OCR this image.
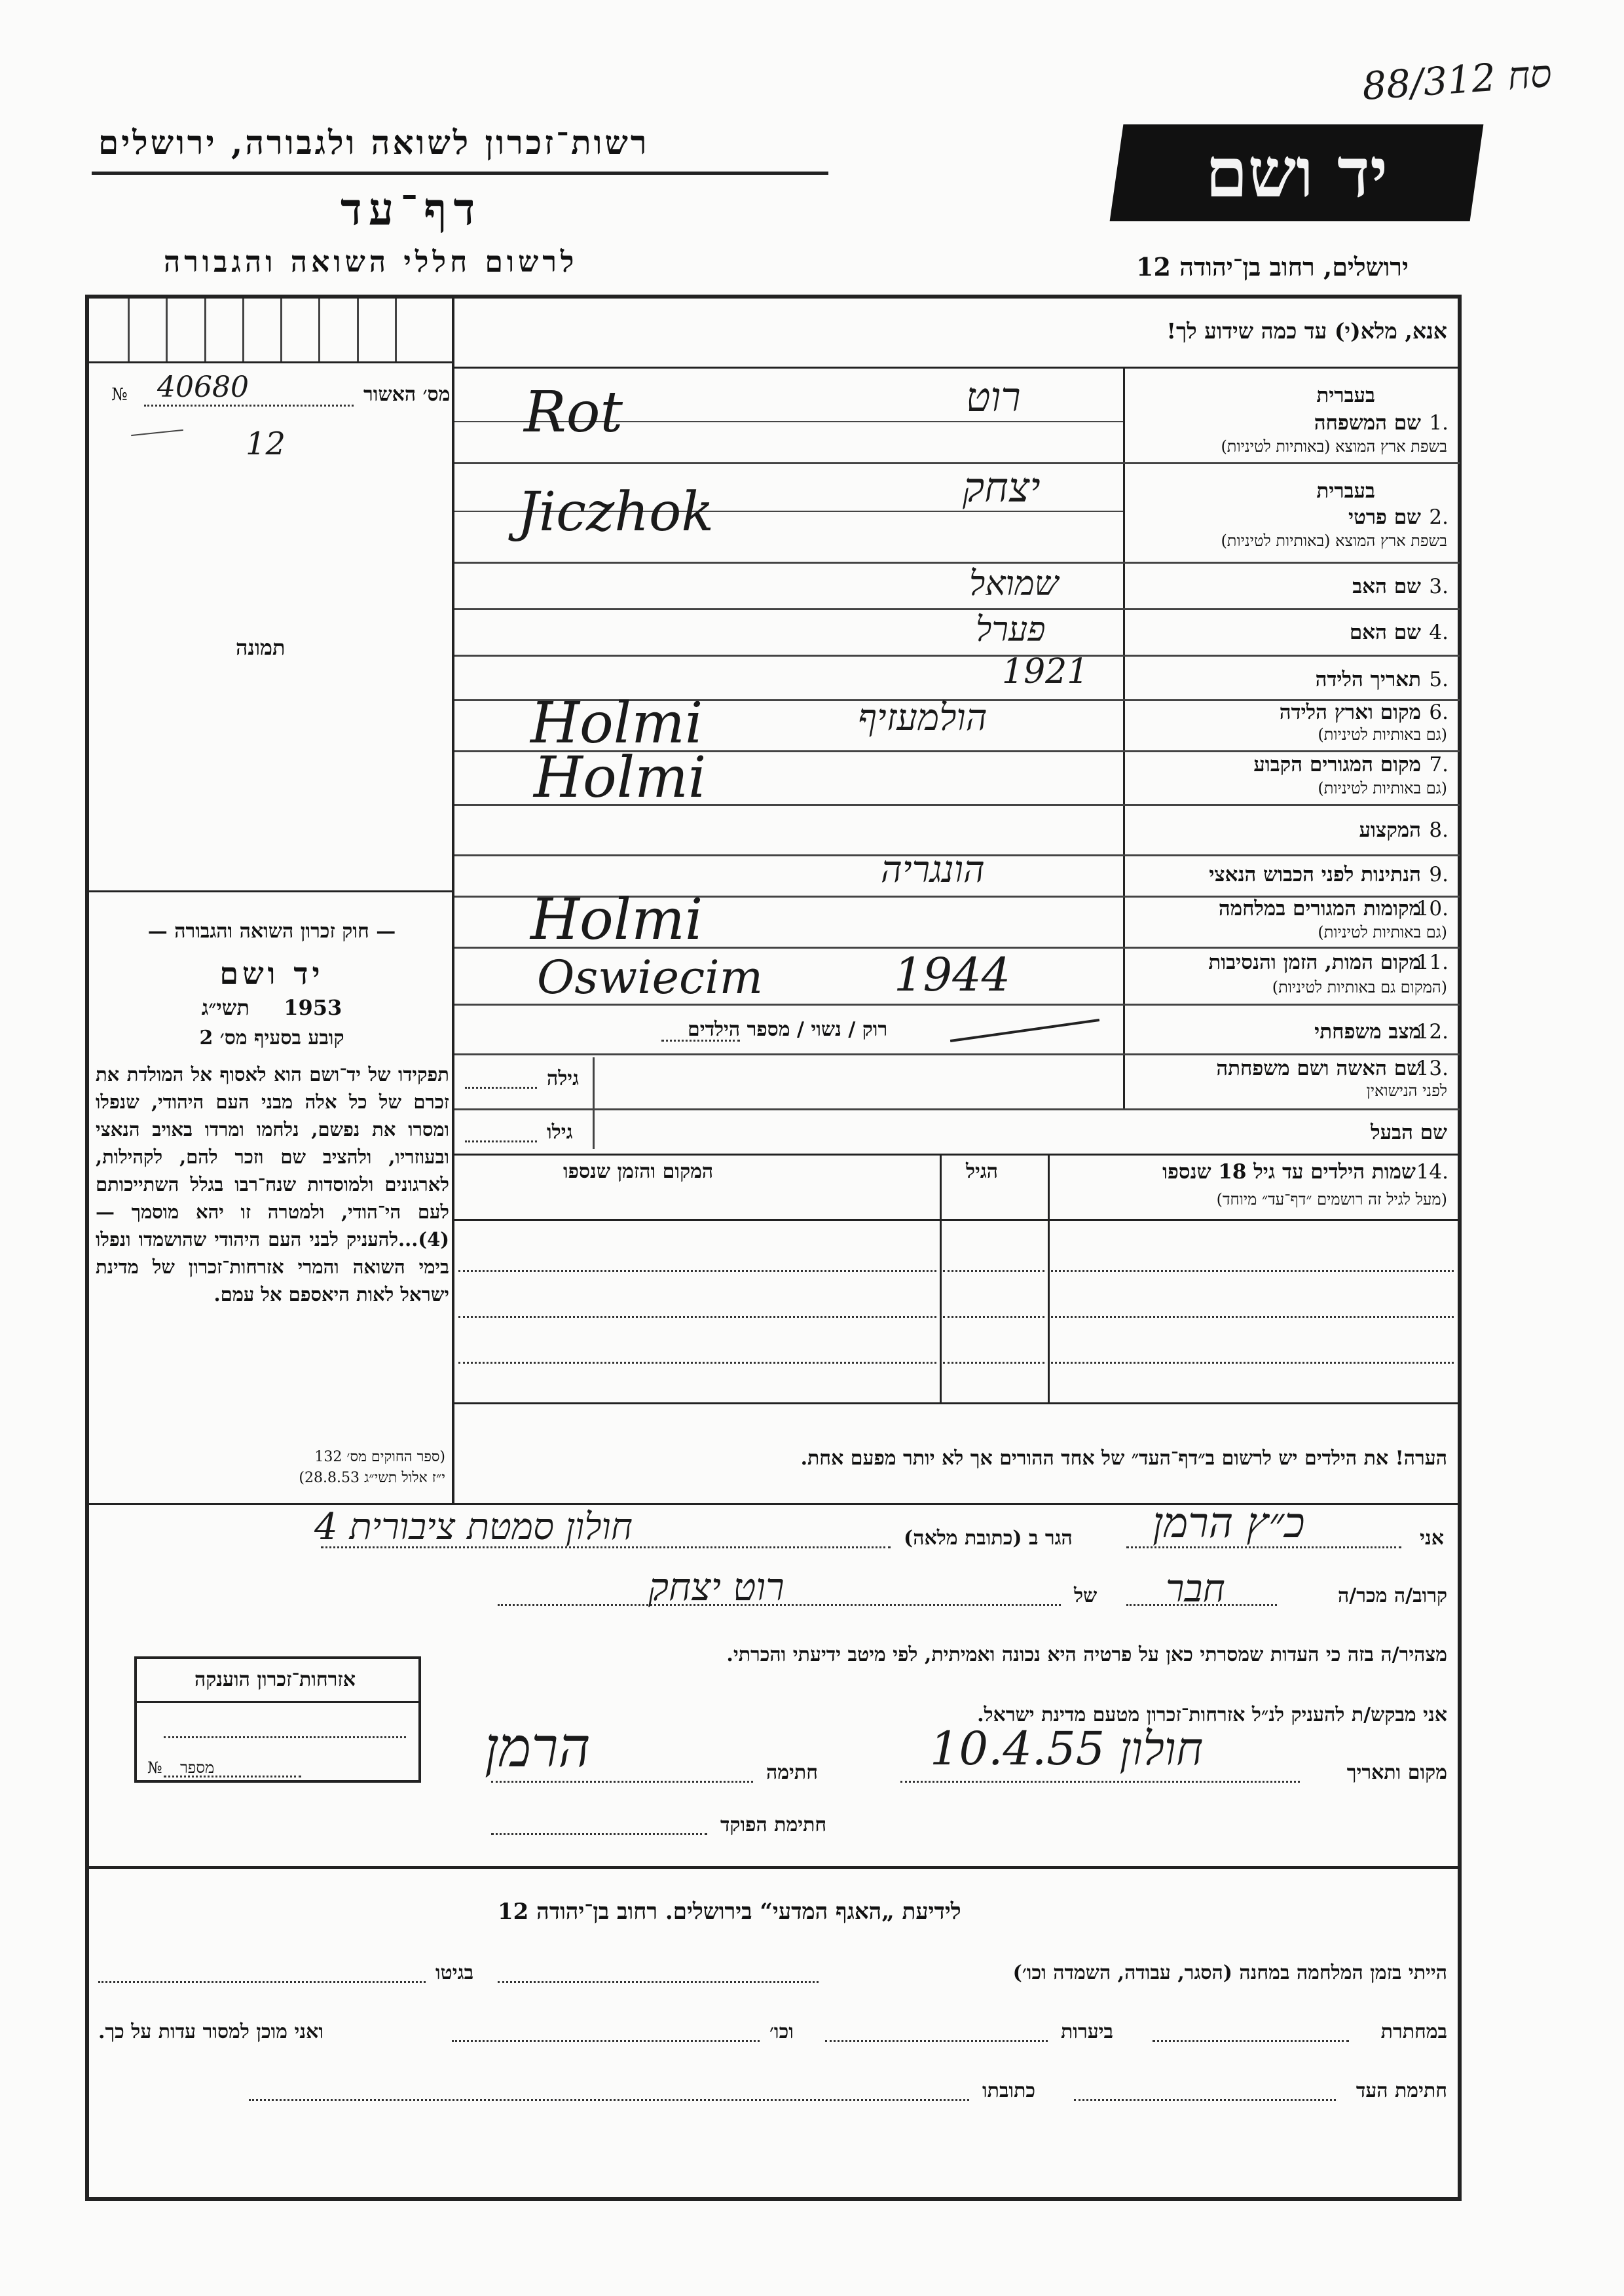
88/312 סח
רשות־זכרון לשואה ולגבורה, ירושלים
דף־עד
לרשום חללי השואה והגבורה
יד ושם
ירושלים, רחוב בן־יהודה 12
№	מס׳ האשור
40680
12
תמונה
— חוק זכרון השואה והגבורה —
יד ושם
תשי״ג 1953
קובע בסעיף מס׳ 2
תפקידו של יד־ושם הוא לאסוף אל המולדת את זכרם של כל אלה מבני העם היהודי, שנפלו ומסרו את נפשם, נלחמו ומרדו באויב הנאצי ובעוזריו, ולהציב שם וזכר להם, לקהילות, לארגונים ולמוסדות שנח־רבו בגלל השתייכותם לעם הי־הודי, ולמטרה זו יהא מוסמך — (4)...להעניק לבני העם היהודי שהושמדו ונפלו בימי השואה והמרי אזרחות־זכרון של מדינת ישראל לאות היאספם אל עמם.
(ספר החוקים מס׳ 132
י״ז אלול תשי״ג 28.8.53)
אזרחות־זכרון הוענקה
№ מספר
אנא, מלא(י) עד כמה שידוע לך!
בעברית
1.
שם המשפחה
בשפת ארץ המוצא (באותיות לטיניות)
בעברית
2.
שם פרטי
בשפת ארץ המוצא (באותיות לטיניות)
3.
שם האב
4.
שם האם
5.
תאריך הלידה
6.
מקום וארץ הלידה
(גם באותיות לטיניות)
7.
מקום המגורים הקבוע
(גם באותיות לטיניות)
8.
המקצוע
9.
הנתינות לפני הכבוש הנאצי
10.
מקומות המגורים במלחמה
(גם באותיות לטיניות)
11.
מקום המות, הזמן והנסיבות
(המקום גם באותיות לטיניות)
12.
מצב משפחתי
13.
שם האשה ושם משפחתה
לפני הנישואין
שם הבעל
רוק / נשוי / מספר הילדים
גילה
גילו
רוט
Rot
יצחק
Jiczhok
שמואל
פערל
1921
הולמעזיף
Holmi
Holmi
הונגריה
Holmi
Oswiecim	1944
14.
שמות הילדים עד גיל 18 שנספו
(מעל לגיל זה רושמים ״דף־עד״ מיוחד)
הגיל
המקום והזמן שנספו
הערה! את הילדים יש לרשום ב״דף־העד״ של אחד ההורים אך לא יותר מפעם אחת.
אני
כ״ץ הרמן
הגר ב (כתובת מלאה)
חולון סמטת ציבורית 4
קרוב/ה מכר/ה
חבר
של
רוט יצחק
מצהיר/ה בזה כי העדות שמסרתי כאן על פרטיה היא נכונה ואמיתית, לפי מיטב ידיעתי והכרתי.
אני מבקש/ת להעניק לנ״ל אזרחות־זכרון מטעם מדינת ישראל.
מקום ותאריך
חולון 10.4.55
חתימה
הרמן
חתימת הפוקד
לידיעת „האגף המדעי“ בירושלים. רחוב בן־יהודה 12
הייתי בזמן המלחמה במחנה (הסגר, עבודה, השמדה וכו׳)
בגיטו
במחתרת
ביערות
וכו׳
ואני מוכן למסור עדות על כך.
חתימת העד
כתובתו
